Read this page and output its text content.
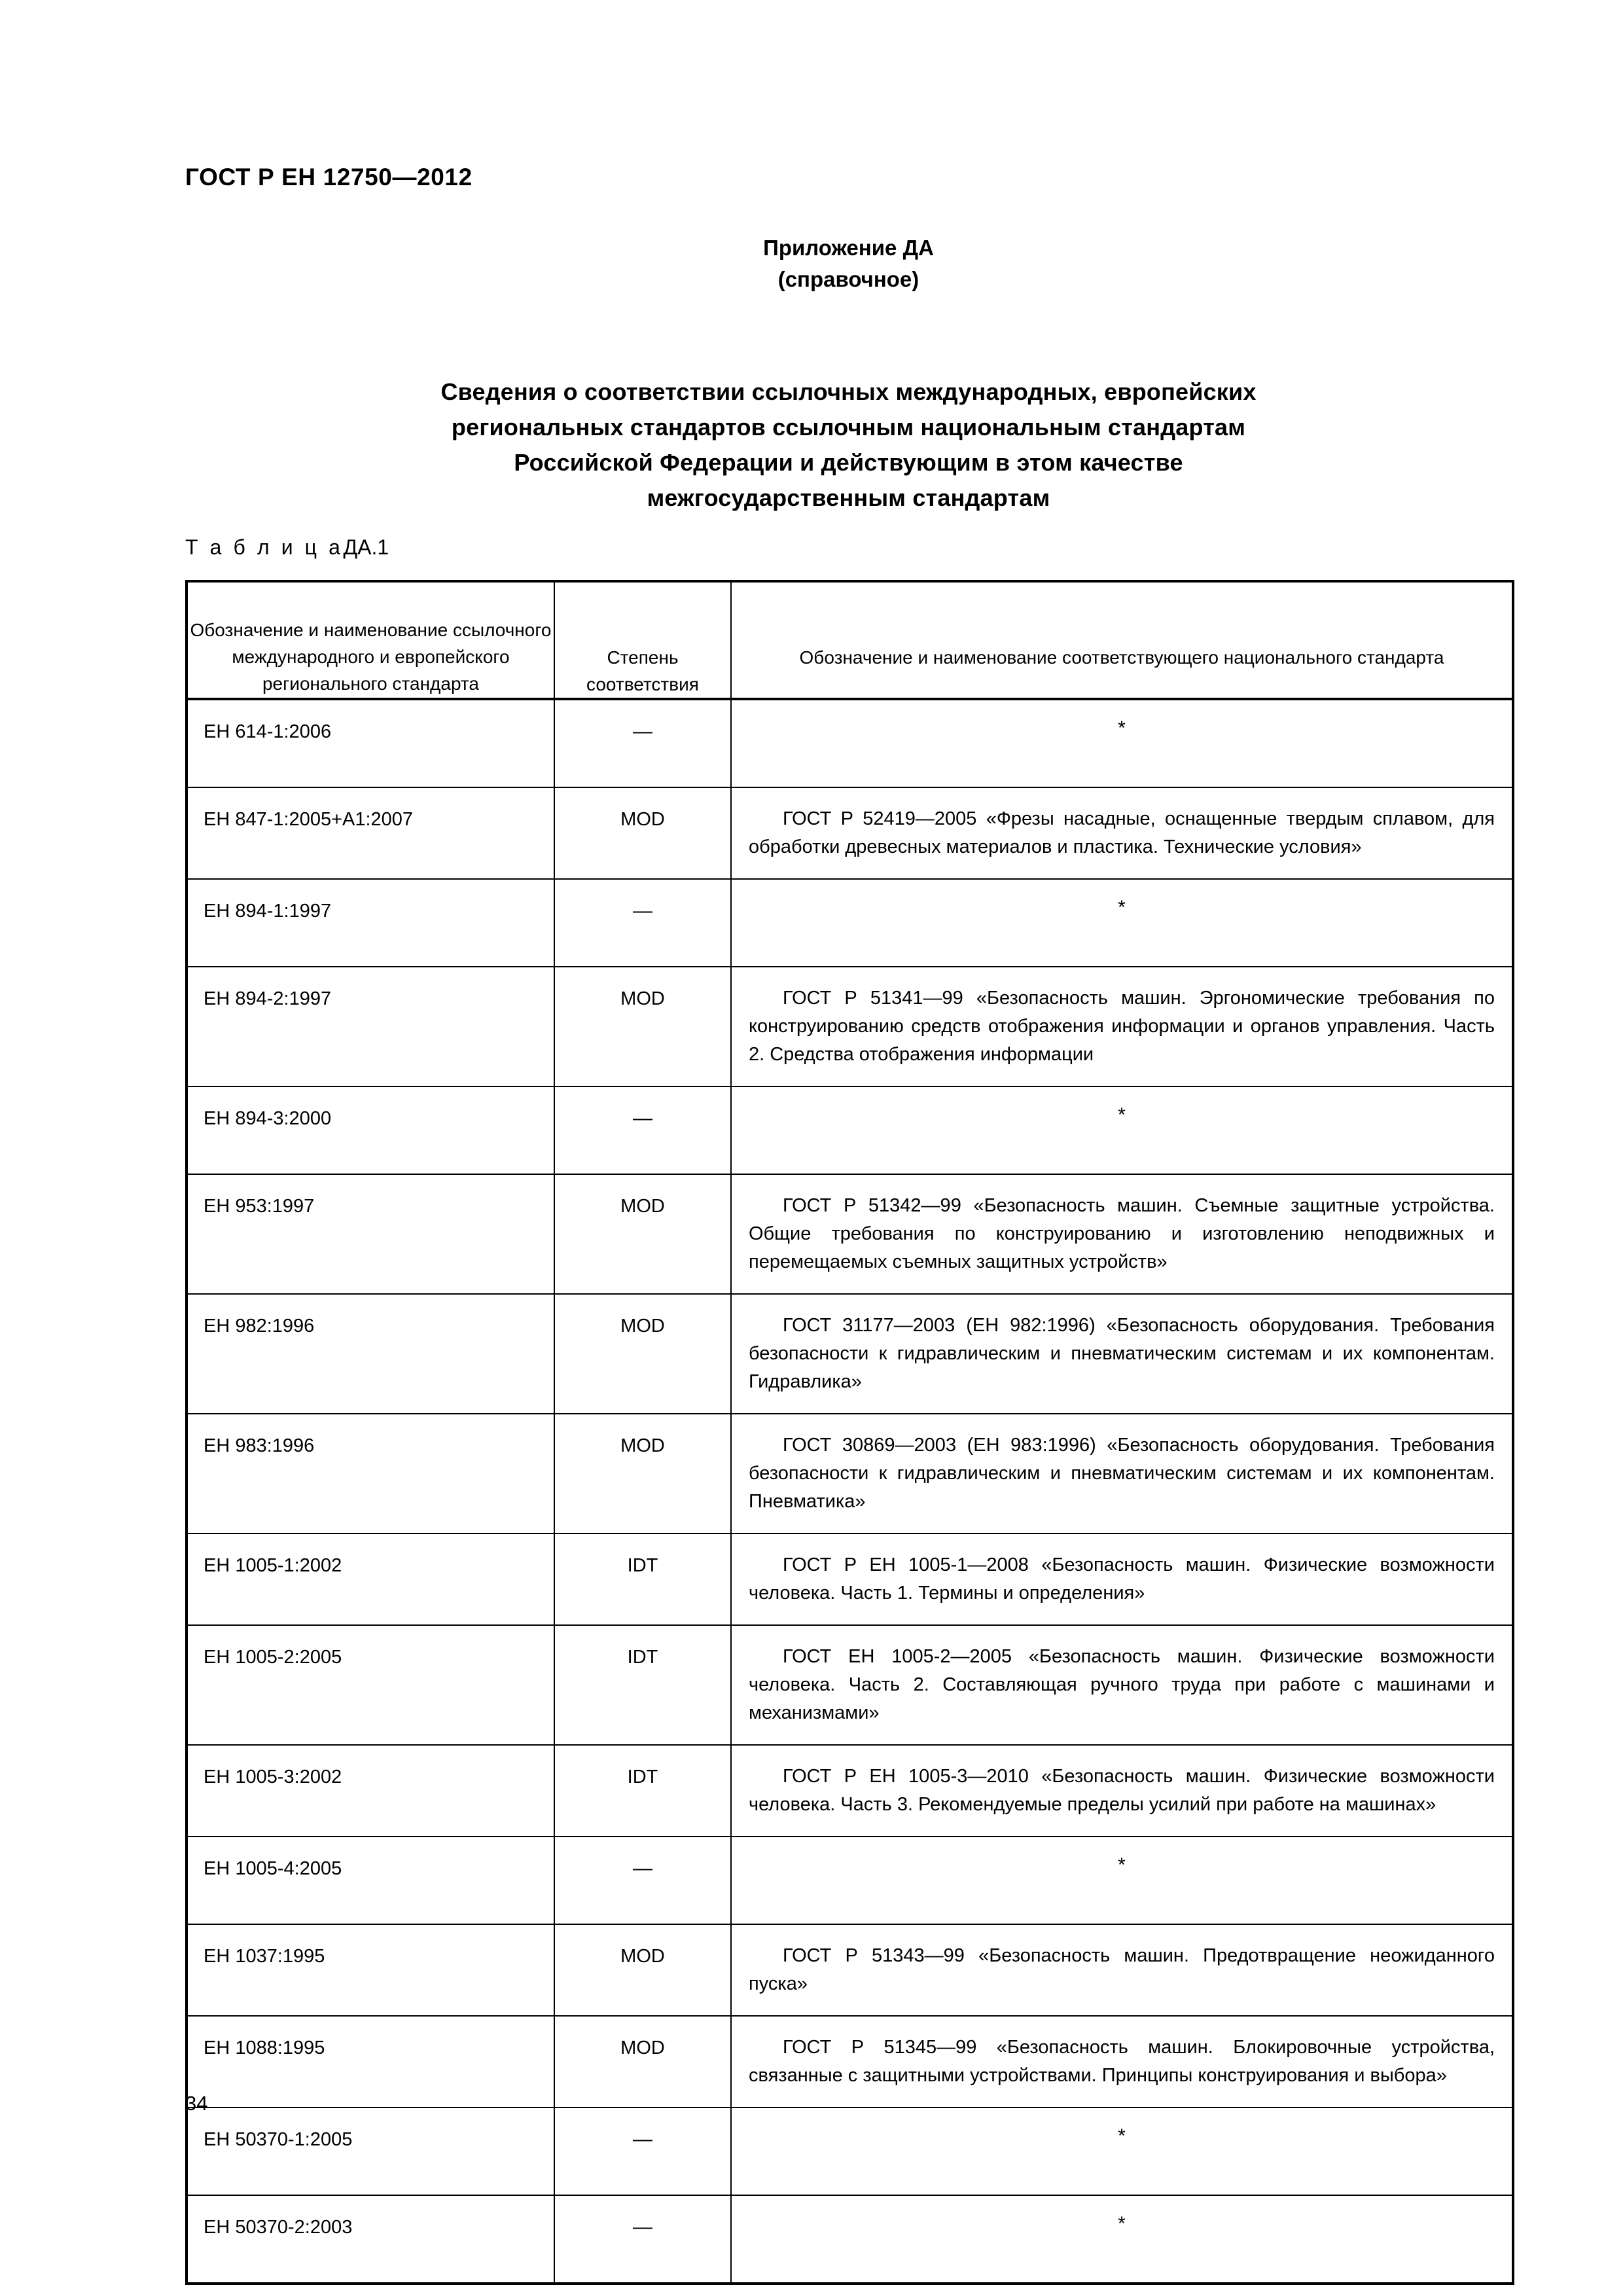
ГОСТ Р ЕН 12750—2012
Приложение ДА
(справочное)
Сведения о соответствии ссылочных международных, европейских
региональных стандартов ссылочным национальным стандартам
Российской Федерации и действующим в этом качестве
межгосударственным стандартам
Т а б л и ц аДА.1
Обозначение и наименование ссылочного международного и европейского регионального стандарта	Степень соответствия	Обозначение и наименование соответствующего национального стандарта
ЕН 614-1:2006	—	*
ЕН 847-1:2005+А1:2007	MOD	ГОСТ Р 52419—2005 «Фрезы насадные, оснащенные твердым сплавом, для обработки древесных материалов и пластика. Технические условия»
ЕН 894-1:1997	—	*
ЕН 894-2:1997	MOD	ГОСТ Р 51341—99 «Безопасность машин. Эргономические требования по конструированию средств отображения информации и органов управления. Часть 2. Средства отображения информации
ЕН 894-3:2000	—	*
ЕН 953:1997	MOD	ГОСТ Р 51342—99 «Безопасность машин. Съемные защитные устройства. Общие требования по конструированию и изготовлению неподвижных и перемещаемых съемных защитных устройств»
ЕН 982:1996	MOD	ГОСТ 31177—2003 (ЕН 982:1996) «Безопасность оборудования. Требования безопасности к гидравлическим и пневматическим системам и их компонентам. Гидравлика»
ЕН 983:1996	MOD	ГОСТ 30869—2003 (ЕН 983:1996) «Безопасность оборудования. Требования безопасности к гидравлическим и пневматическим системам и их компонентам. Пневматика»
ЕН 1005-1:2002	IDT	ГОСТ Р ЕН 1005-1—2008 «Безопасность машин. Физические возможности человека. Часть 1. Термины и определения»
ЕН 1005-2:2005	IDT	ГОСТ ЕН 1005-2—2005 «Безопасность машин. Физические возможности человека. Часть 2. Составляющая ручного труда при работе с машинами и механизмами»
ЕН 1005-3:2002	IDT	ГОСТ Р ЕН 1005-3—2010 «Безопасность машин. Физические возможности человека. Часть 3. Рекомендуемые пределы усилий при работе на машинах»
ЕН 1005-4:2005	—	*
ЕН 1037:1995	MOD	ГОСТ Р 51343—99 «Безопасность машин. Предотвращение неожиданного пуска»
ЕН 1088:1995	MOD	ГОСТ Р 51345—99 «Безопасность машин. Блокировочные устройства, связанные с защитными устройствами. Принципы конструирования и выбора»
ЕН 50370-1:2005	—	*
ЕН 50370-2:2003	—	*
34
